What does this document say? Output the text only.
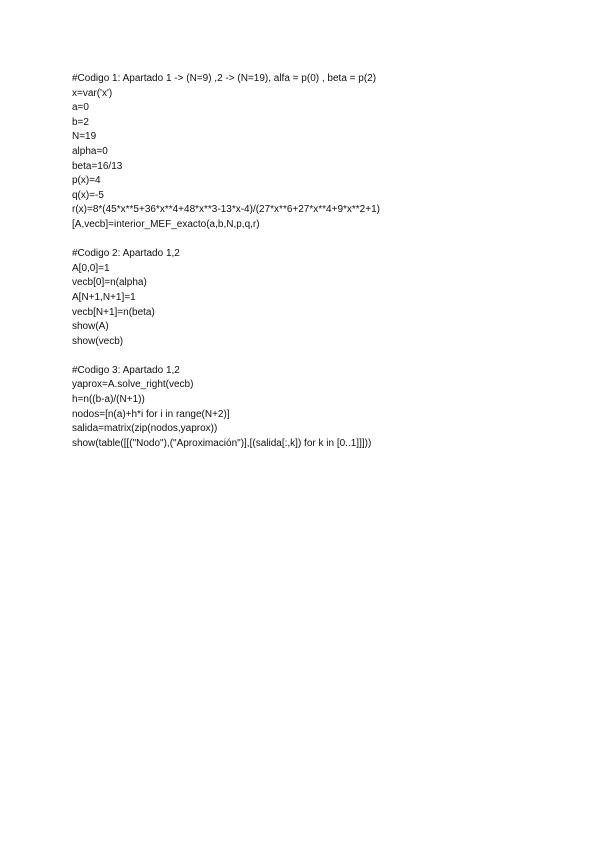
#Codigo 1: Apartado 1 -> (N=9) ,2 -> (N=19), alfa = p(0) , beta = p(2)
x=var('x')
a=0
b=2
N=19
alpha=0
beta=16/13
p(x)=4
q(x)=-5
r(x)=8*(45*x**5+36*x**4+48*x**3-13*x-4)/(27*x**6+27*x**4+9*x**2+1)
[A,vecb]=interior_MEF_exacto(a,b,N,p,q,r)
#Codigo 2: Apartado 1,2
A[0,0]=1
vecb[0]=n(alpha)
A[N+1,N+1]=1
vecb[N+1]=n(beta)
show(A)
show(vecb)
#Codigo 3: Apartado 1,2
yaprox=A.solve_right(vecb)
h=n((b-a)/(N+1))
nodos=[n(a)+h*i for i in range(N+2)]
salida=matrix(zip(nodos,yaprox))
show(table([[("Nodo"),("Aproximación")],[(salida[:,k]) for k in [0..1]]]))
